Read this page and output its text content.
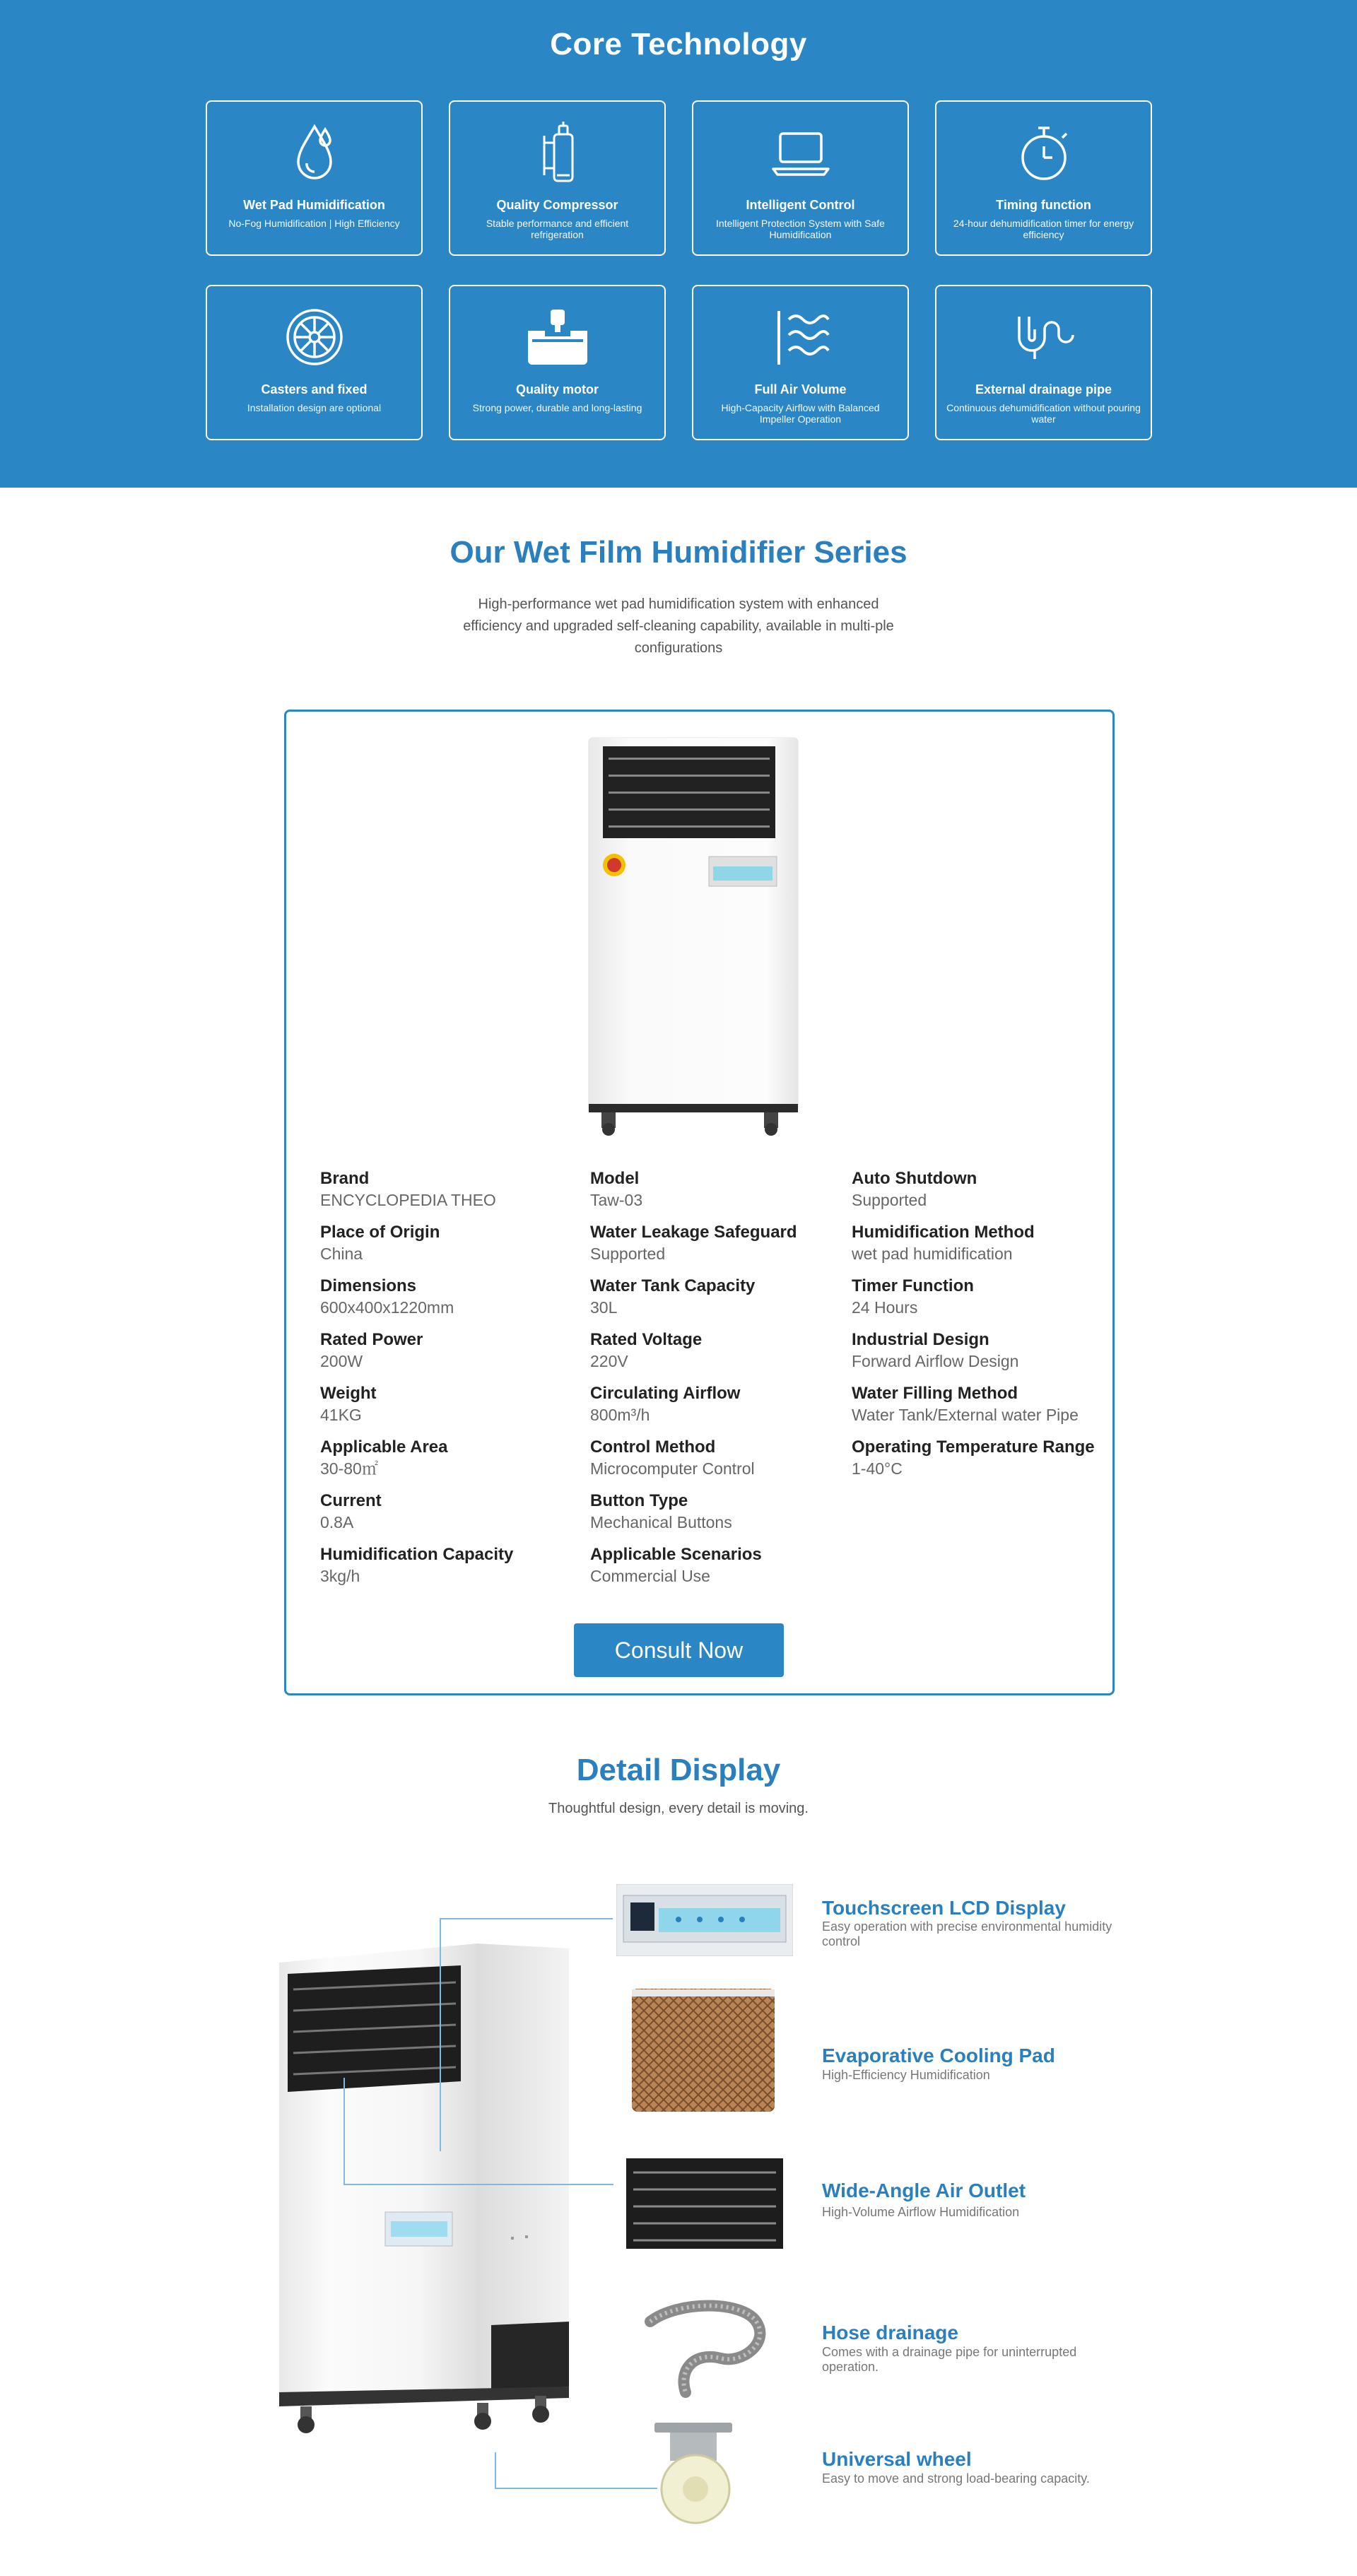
Core Technology
Wet Pad Humidification
No-Fog Humidification | High Efficiency
Quality Compressor
Stable performance and efficient refrigeration
Intelligent Control
Intelligent Protection System with Safe Humidification
Timing function
24-hour dehumidification timer for energy efficiency
Casters and fixed
Installation design are optional
Quality motor
Strong power, durable and long-lasting
Full Air Volume
High-Capacity Airflow with Balanced Impeller Operation
External drainage pipe
Continuous dehumidification without pouring water
Our Wet Film Humidifier Series

High-performance wet pad humidification system with enhanced efficiency and upgraded self-cleaning capability, available in multi-ple configurations

Brand
ENCYCLOPEDIA THEO
Place of Origin
China
Dimensions
600x400x1220mm
Rated Power
200W
Weight
41KG
Applicable Area
30-80㎡
Current
0.8A
Humidification Capacity
3kg/h
Model
Taw-03
Water Leakage Safeguard
Supported
Water Tank Capacity
30L
Rated Voltage
220V
Circulating Airflow
800m³/h
Control Method
Microcomputer Control
Button Type
Mechanical Buttons
Applicable Scenarios
Commercial Use
Auto Shutdown
Supported
Humidification Method
wet pad humidification
Timer Function
24 Hours
Industrial Design
Forward Airflow Design
Water Filling Method
Water Tank/External water Pipe
Operating Temperature Range
1-40°C
Consult Now
Detail Display

Thoughtful design, every detail is moving.

Touchscreen LCD Display
Easy operation with precise environmental humidity control
Evaporative Cooling Pad
High-Efficiency Humidification
Wide-Angle Air Outlet
High-Volume Airflow Humidification
Hose drainage
Comes with a drainage pipe for uninterrupted operation.
Universal wheel
Easy to move and strong load-bearing capacity.
